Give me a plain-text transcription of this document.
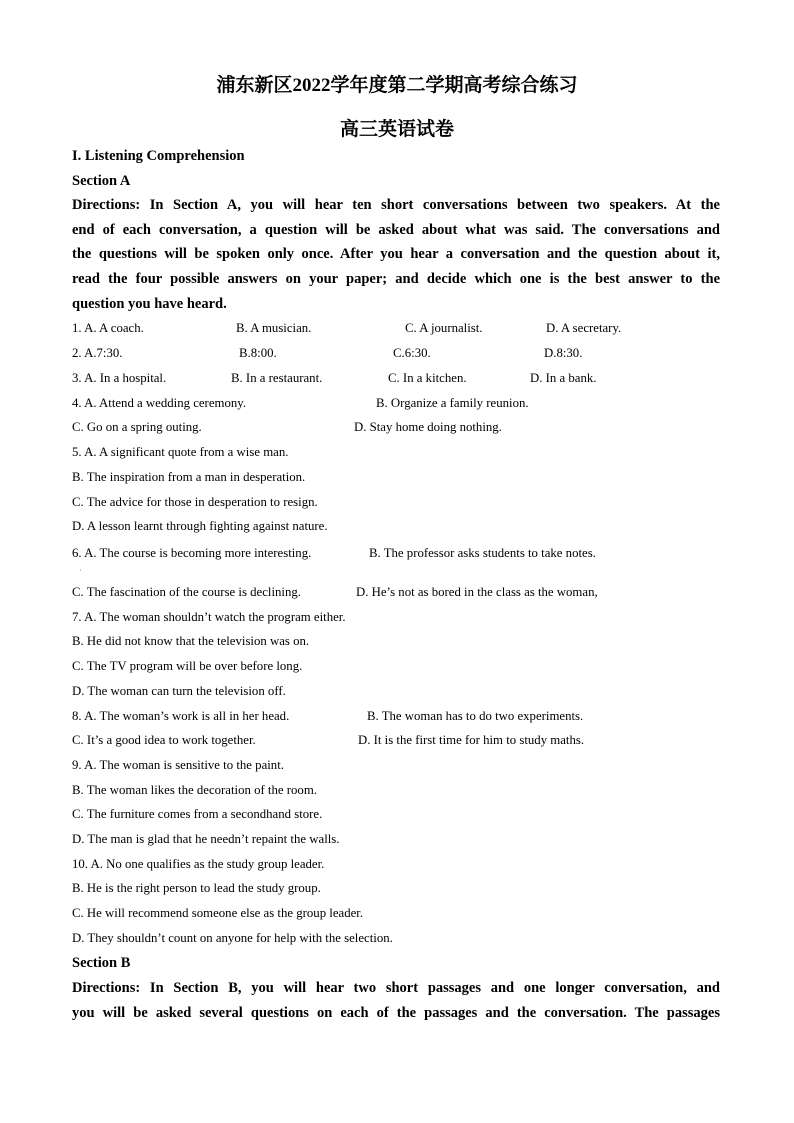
浦东新区2022学年度第二学期高考综合练习
高三英语试卷
I. Listening Comprehension
Section A
Directions: In Section A, you will hear ten short conversations between two speakers. At the
end of each conversation, a question will be asked about what was said. The conversations and
the questions will be spoken only once. After you hear a conversation and the question about it,
read the four possible answers on your paper; and decide which one is the best answer to the
question you have heard.
1. A. A coach.	B. A musician.	C. A journalist.	D. A secretary.
2. A.7:30.	B.8:00.	C.6:30.	D.8:30.
3. A. In a hospital.	B. In a restaurant.	C. In a kitchen.	D. In a bank.
4. A. Attend a wedding ceremony.	B. Organize a family reunion.
C. Go on a spring outing.	D. Stay home doing nothing.
5. A. A significant quote from a wise man.
B. The inspiration from a man in desperation.
C. The advice for those in desperation to resign.
D. A lesson learnt through fighting against nature.
6. A. The course is becoming more interesting.	B. The professor asks students to take notes.
·
C. The fascination of the course is declining.	D. He’s not as bored in the class as the woman,
7. A. The woman shouldn’t watch the program either.
B. He did not know that the television was on.
C. The TV program will be over before long.
D. The woman can turn the television off.
8. A. The woman’s work is all in her head.	B. The woman has to do two experiments.
C. It’s a good idea to work together.	D. It is the first time for him to study maths.
9. A. The woman is sensitive to the paint.
B. The woman likes the decoration of the room.
C. The furniture comes from a secondhand store.
D. The man is glad that he needn’t repaint the walls.
10. A. No one qualifies as the study group leader.
B. He is the right person to lead the study group.
C. He will recommend someone else as the group leader.
D. They shouldn’t count on anyone for help with the selection.
Section B
Directions: In Section B, you will hear two short passages and one longer conversation, and
you will be asked several questions on each of the passages and the conversation. The passages
